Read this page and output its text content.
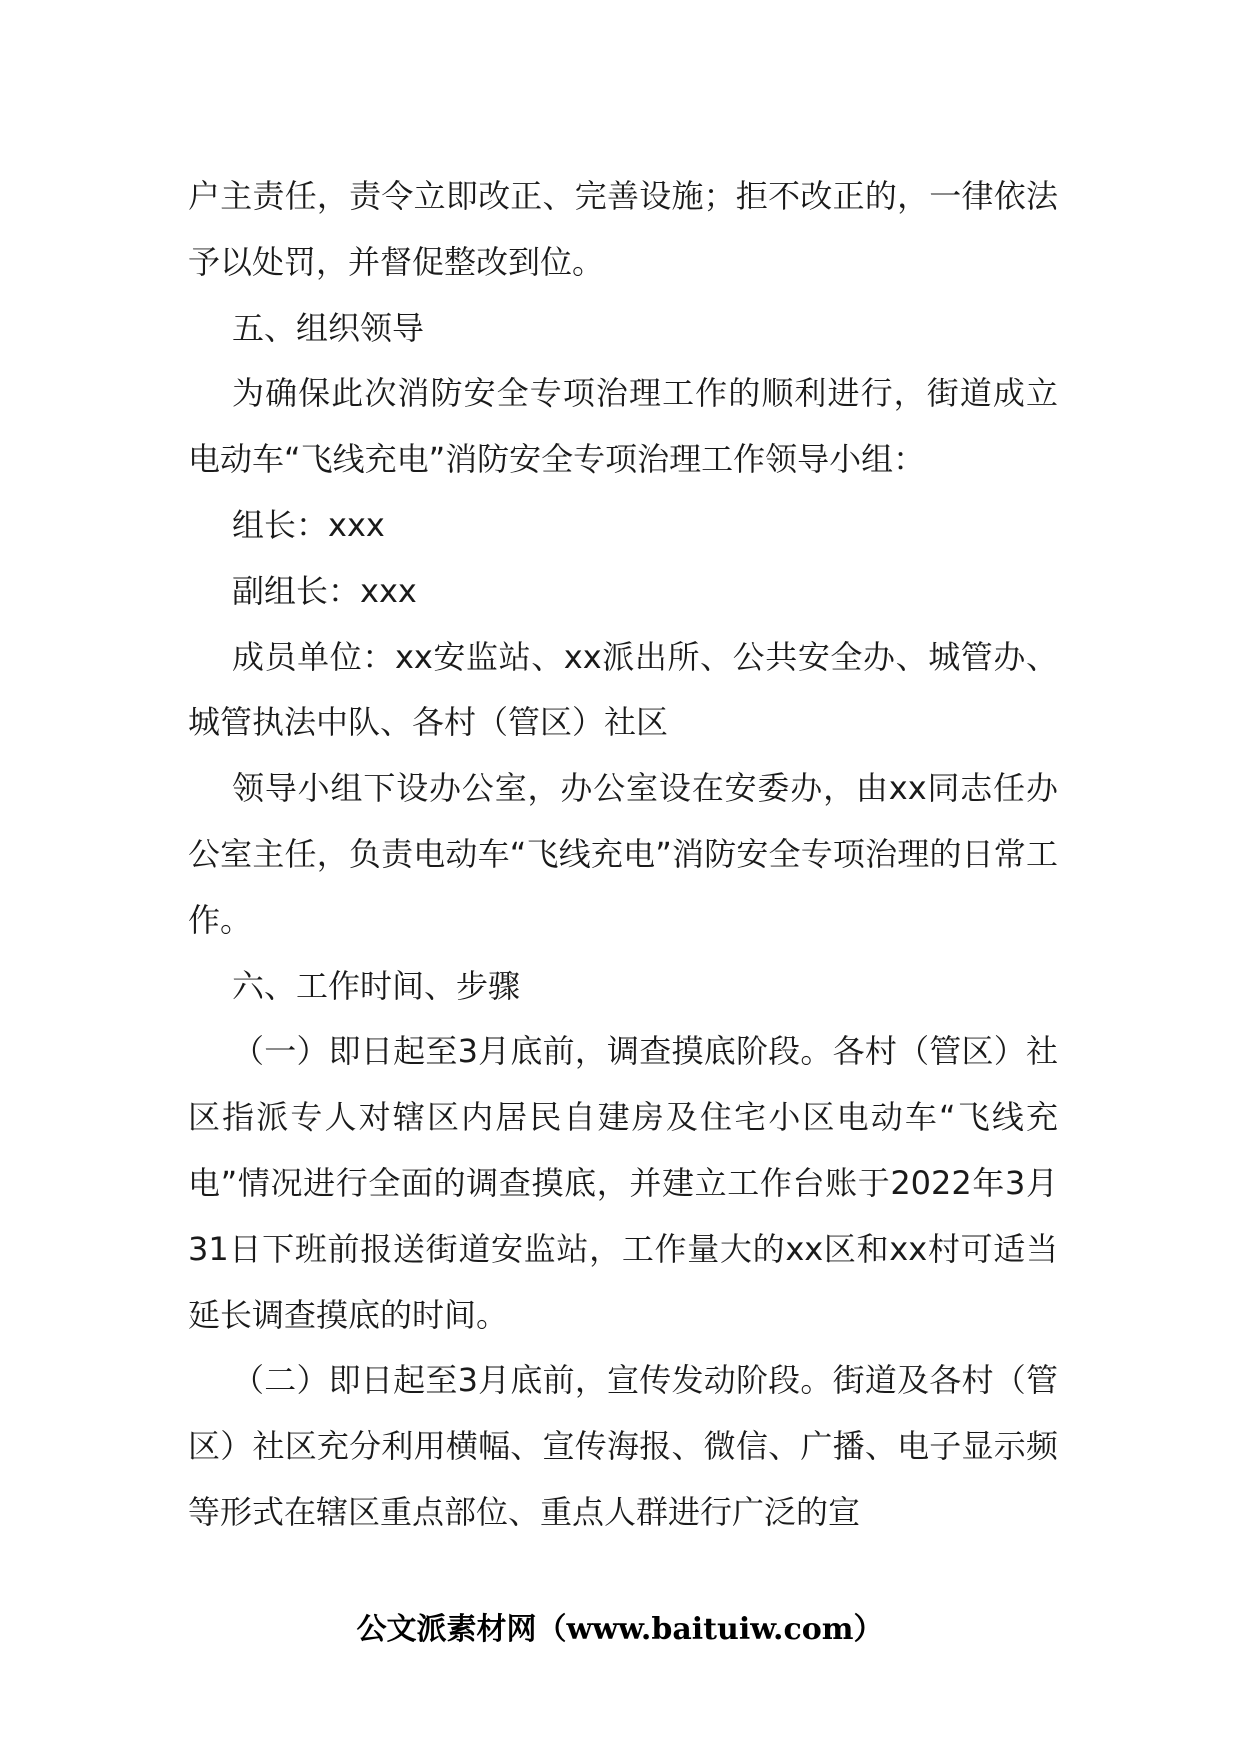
户主责任，责令立即改正、完善设施；拒不改正的，一律依法予以处罚，并督促整改到位。

五、组织领导

为确保此次消防安全专项治理工作的顺利进行，街道成立电动车“飞线充电”消防安全专项治理工作领导小组：

组长：xxx

副组长：xxx

成员单位：xx安监站、xx派出所、公共安全办、城管办、城管执法中队、各村（管区）社区

领导小组下设办公室，办公室设在安委办，由xx同志任办公室主任，负责电动车“飞线充电”消防安全专项治理的日常工作。

六、工作时间、步骤

（一）即日起至3月底前，调查摸底阶段。各村（管区）社区指派专人对辖区内居民自建房及住宅小区电动车“飞线充电”情况进行全面的调查摸底，并建立工作台账于2022年3月31日下班前报送街道安监站，工作量大的xx区和xx村可适当延长调查摸底的时间。

（二）即日起至3月底前，宣传发动阶段。街道及各村（管区）社区充分利用横幅、宣传海报、微信、广播、电子显示频等形式在辖区重点部位、重点人群进行广泛的宣

公文派素材网（www.baituiw.com）
